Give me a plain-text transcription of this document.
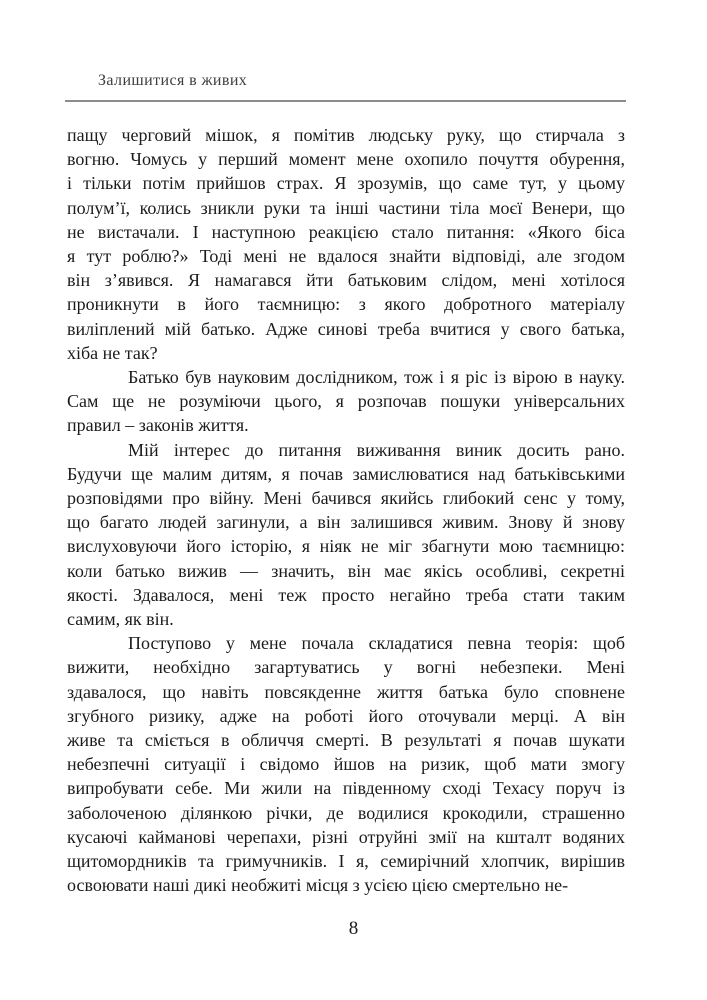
Залишитися в живих
пащу черговий мішок, я помітив людську руку, що стирчала з
вогню. Чомусь у перший момент мене охопило почуття обурення,
і тільки потім прийшов страх. Я зрозумів, що саме тут, у цьому
полум’ї, колись зникли руки та інші частини тіла моєї Венери, що
не вистачали. І наступною реакцією стало питання: «Якого біса
я тут роблю?» Тоді мені не вдалося знайти відповіді, але згодом
він з’явився. Я намагався йти батьковим слідом, мені хотілося
проникнути в його таємницю: з якого добротного матеріалу
виліплений мій батько. Адже синові треба вчитися у свого батька,
хіба не так?
Батько був науковим дослідником, тож і я ріс із вірою в науку.
Сам ще не розуміючи цього, я розпочав пошуки універсальних
правил – законів життя.
Мій інтерес до питання виживання виник досить рано.
Будучи ще малим дитям, я почав замислюватися над батьківськими
розповідями про війну. Мені бачився якийсь глибокий сенс у тому,
що багато людей загинули, а він залишився живим. Знову й знову
вислуховуючи його історію, я ніяк не міг збагнути мою таємницю:
коли батько вижив — значить, він має якісь особливі, секретні
якості. Здавалося, мені теж просто негайно треба стати таким
самим, як він.
Поступово у мене почала складатися певна теорія: щоб
вижити, необхідно загартуватись у вогні небезпеки. Мені
здавалося, що навіть повсякденне життя батька було сповнене
згубного ризику, адже на роботі його оточували мерці. А він
живе та сміється в обличчя смерті. В результаті я почав шукати
небезпечні ситуації і свідомо йшов на ризик, щоб мати змогу
випробувати себе. Ми жили на південному сході Техасу поруч із
заболоченою ділянкою річки, де водилися крокодили, страшенно
кусаючі кайманові черепахи, різні отруйні змії на кшталт водяних
щитомордників та гримучників. І я, семирічний хлопчик, вирішив
освоювати наші дикі необжиті місця з усією цією смертельно не-
8
